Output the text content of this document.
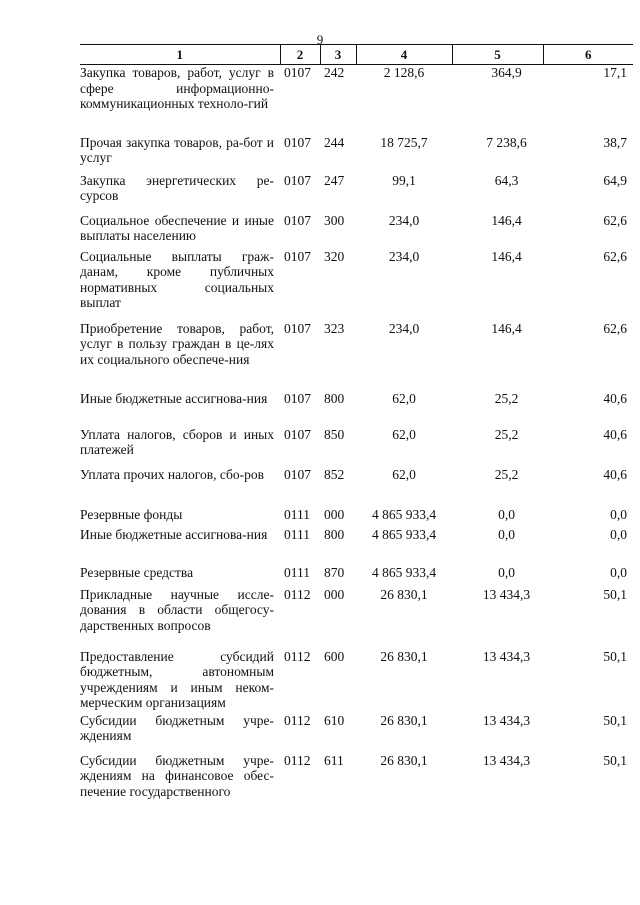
9
1	2	3	4	5	6
Закупка товаров, работ, услуг в сфере информационно-коммуникационных техноло-гий	0107	242	2 128,6	364,9	17,1
Прочая закупка товаров, ра-бот и услуг	0107	244	18 725,7	7 238,6	38,7
Закупка энергетических ре-сурсов	0107	247	99,1	64,3	64,9
Социальное обеспечение и иные выплаты населению	0107	300	234,0	146,4	62,6
Социальные выплаты граж-данам, кроме публичных нормативных социальных выплат	0107	320	234,0	146,4	62,6
Приобретение товаров, работ, услуг в пользу граждан в це-лях их социального обеспече-ния	0107	323	234,0	146,4	62,6
Иные бюджетные ассигнова-ния	0107	800	62,0	25,2	40,6
Уплата налогов, сборов и иных платежей	0107	850	62,0	25,2	40,6
Уплата прочих налогов, сбо-ров	0107	852	62,0	25,2	40,6
Резервные фонды	0111	000	4 865 933,4	0,0	0,0
Иные бюджетные ассигнова-ния	0111	800	4 865 933,4	0,0	0,0
Резервные средства	0111	870	4 865 933,4	0,0	0,0
Прикладные научные иссле-дования в области общегосу-дарственных вопросов	0112	000	26 830,1	13 434,3	50,1
Предоставление субсидий бюджетным, автономным учреждениям и иным неком-мерческим организациям	0112	600	26 830,1	13 434,3	50,1
Субсидии бюджетным учре-ждениям	0112	610	26 830,1	13 434,3	50,1
Субсидии бюджетным учре-ждениям на финансовое обес-печение государственного	0112	611	26 830,1	13 434,3	50,1
